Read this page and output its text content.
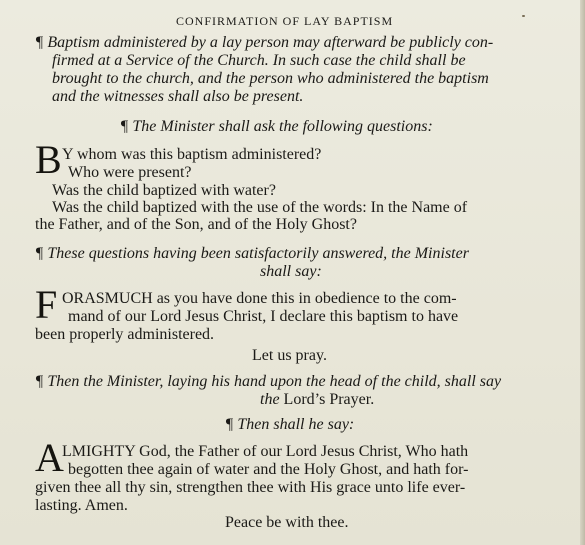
CONFIRMATION OF LAY BAPTISM
¶ Baptism administered by a lay person may afterward be publicly con-
firmed at a Service of the Church. In such case the child shall be
brought to the church, and the person who administered the baptism
and the witnesses shall also be present.
¶ The Minister shall ask the following questions:
B Y whom was this baptism administered?
Who were present?
Was the child baptized with water?
Was the child baptized with the use of the words: In the Name of
the Father, and of the Son, and of the Holy Ghost?
¶ These questions having been satisfactorily answered, the Minister
shall say:
F ORASMUCH as you have done this in obedience to the com-
mand of our Lord Jesus Christ, I declare this baptism to have
been properly administered.
Let us pray.
¶ Then the Minister, laying his hand upon the head of the child, shall say
the Lord’s Prayer.
¶ Then shall he say:
A
LMIGHTY God, the Father of our Lord Jesus Christ, Who hath
begotten thee again of water and the Holy Ghost, and hath for-
given thee all thy sin, strengthen thee with His grace unto life ever-
lasting. Amen.
Peace be with thee.
